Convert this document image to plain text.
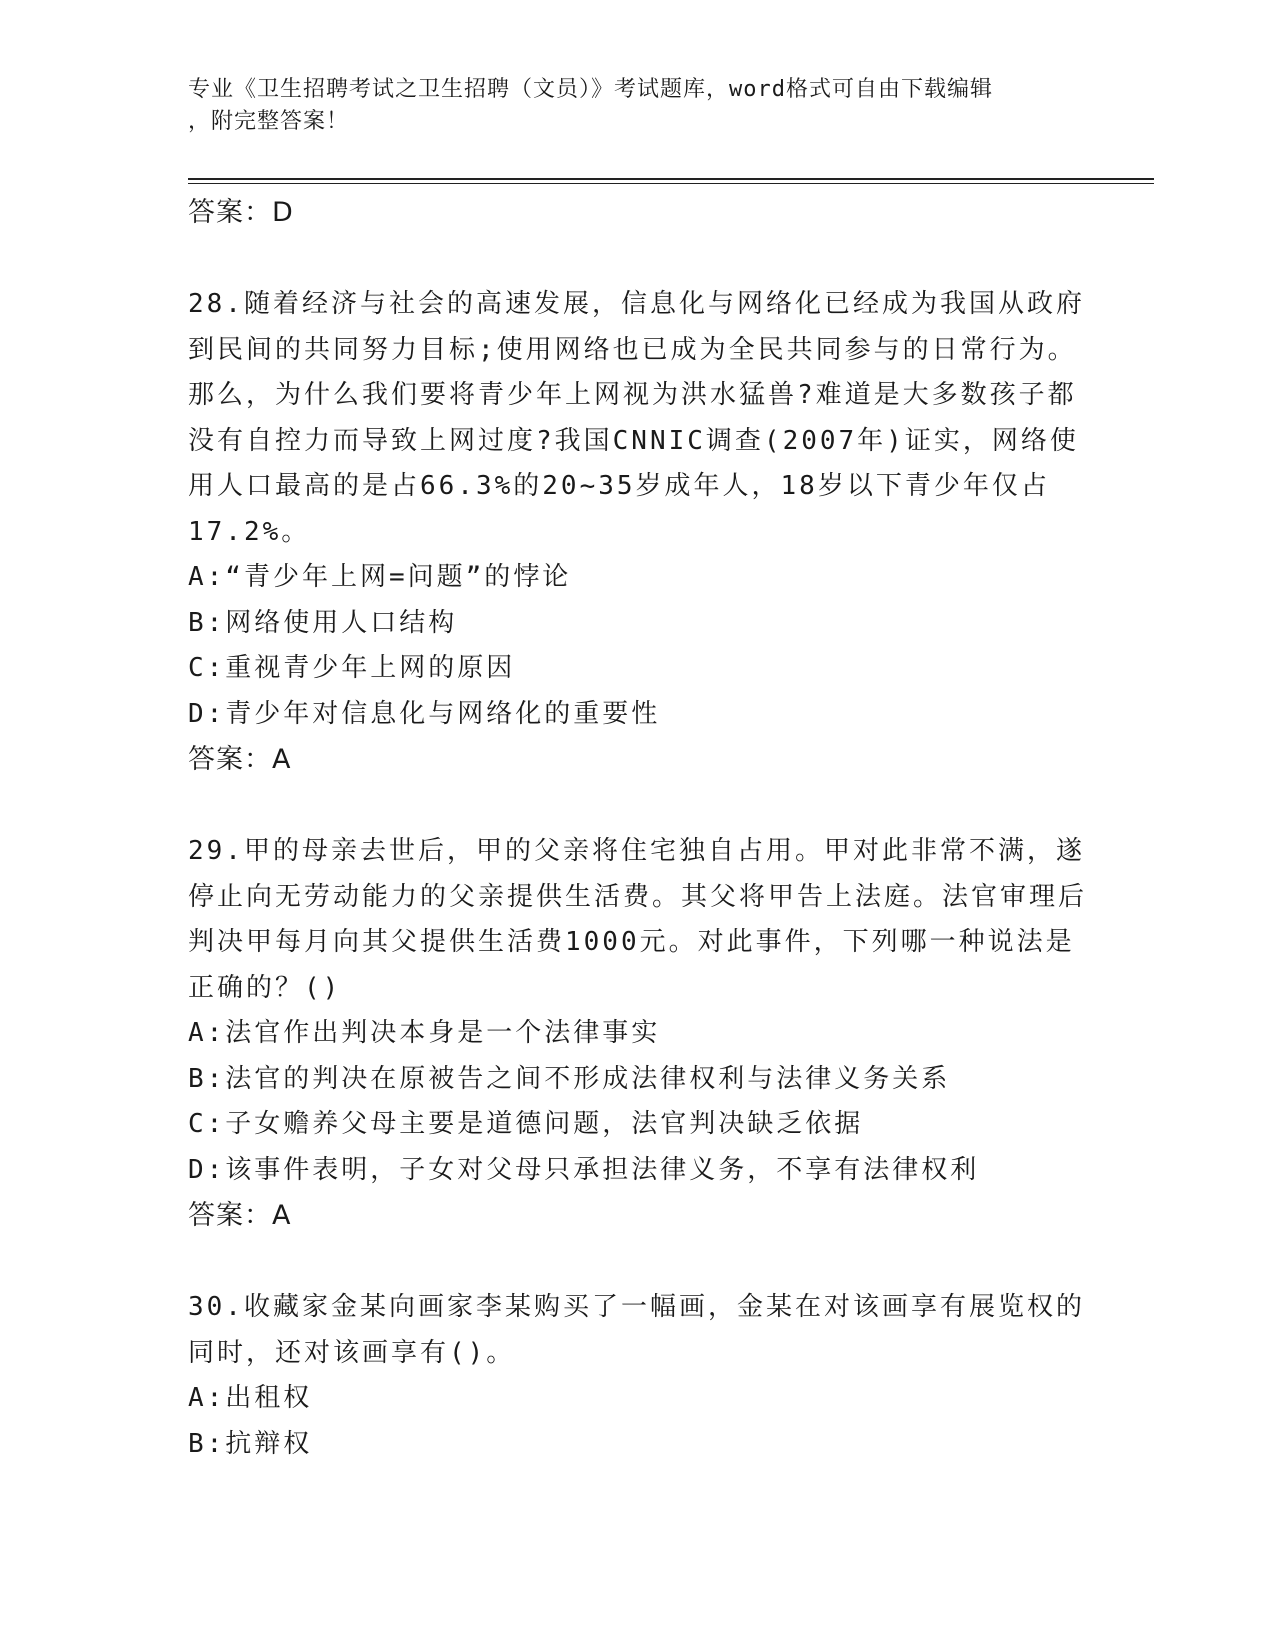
专业《卫生招聘考试之卫生招聘（文员）》考试题库，word格式可自由下载编辑
，附完整答案！
答案：D
28.随着经济与社会的高速发展，信息化与网络化已经成为我国从政府到民间的共同努力目标;使用网络也已成为全民共同参与的日常行为。那么，为什么我们要将青少年上网视为洪水猛兽?难道是大多数孩子都没有自控力而导致上网过度?我国CNNIC调查(2007年)证实，网络使用人口最高的是占66.3%的20~35岁成年人，18岁以下青少年仅占17.2%。
A:“青少年上网=问题”的悖论
B:网络使用人口结构
C:重视青少年上网的原因
D:青少年对信息化与网络化的重要性
答案：A
29.甲的母亲去世后，甲的父亲将住宅独自占用。甲对此非常不满，遂停止向无劳动能力的父亲提供生活费。其父将甲告上法庭。法官审理后判决甲每月向其父提供生活费1000元。对此事件，下列哪一种说法是正确的？()
A:法官作出判决本身是一个法律事实
B:法官的判决在原被告之间不形成法律权利与法律义务关系
C:子女赡养父母主要是道德问题，法官判决缺乏依据
D:该事件表明，子女对父母只承担法律义务，不享有法律权利
答案：A
30.收藏家金某向画家李某购买了一幅画，金某在对该画享有展览权的同时，还对该画享有()。
A:出租权
B:抗辩权
